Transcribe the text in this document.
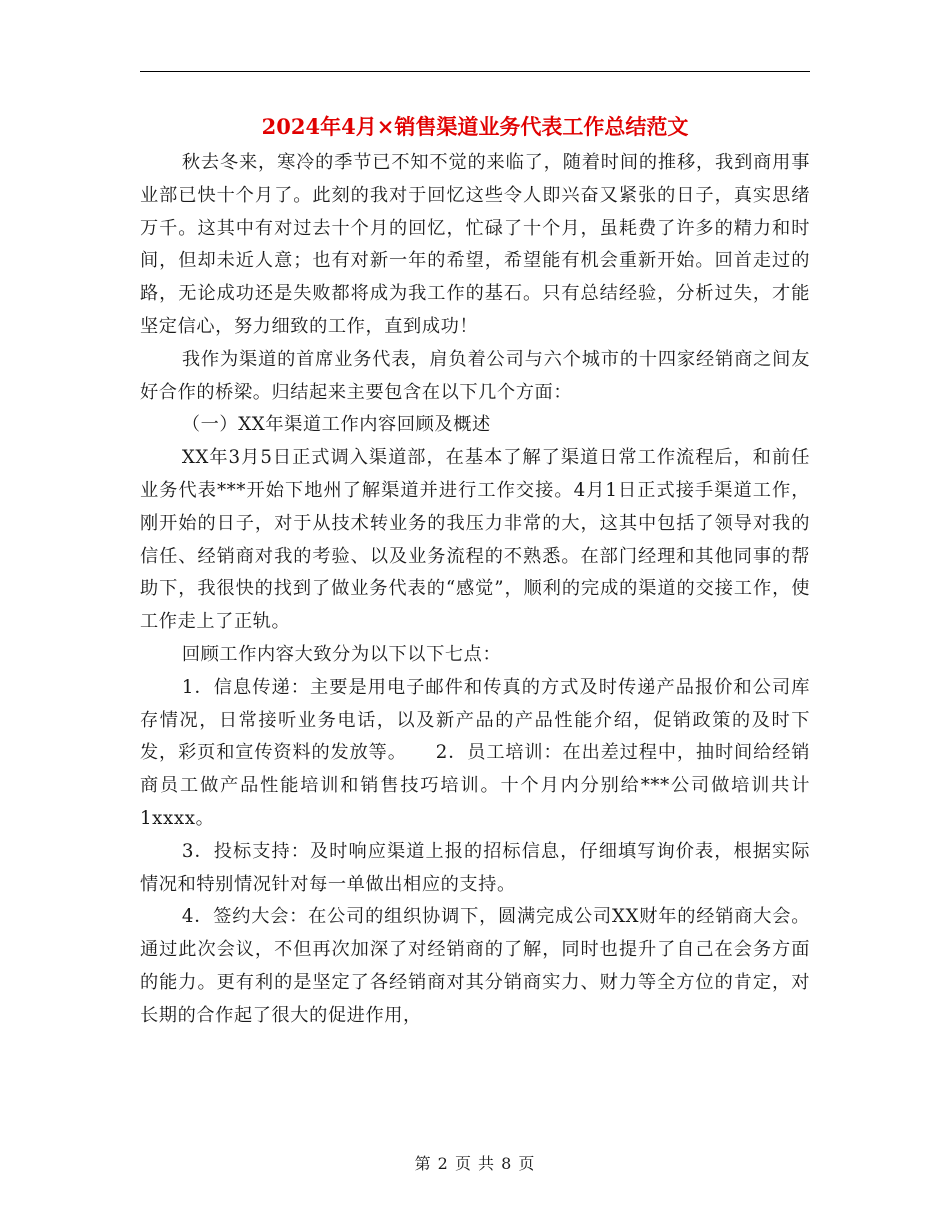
2024年4月×销售渠道业务代表工作总结范文

秋去冬来，寒冷的季节已不知不觉的来临了，随着时间的推移，我到商用事业部已快十个月了。此刻的我对于回忆这些令人即兴奋又紧张的日子，真实思绪万千。这其中有对过去十个月的回忆，忙碌了十个月，虽耗费了许多的精力和时间，但却未近人意；也有对新一年的希望，希望能有机会重新开始。回首走过的路，无论成功还是失败都将成为我工作的基石。只有总结经验，分析过失，才能坚定信心，努力细致的工作，直到成功！

我作为渠道的首席业务代表，肩负着公司与六个城市的十四家经销商之间友好合作的桥梁。归结起来主要包含在以下几个方面：

（一）XX年渠道工作内容回顾及概述

XX年3月5日正式调入渠道部，在基本了解了渠道日常工作流程后，和前任业务代表***开始下地州了解渠道并进行工作交接。4月1日正式接手渠道工作，刚开始的日子，对于从技术转业务的我压力非常的大，这其中包括了领导对我的信任、经销商对我的考验、以及业务流程的不熟悉。在部门经理和其他同事的帮助下，我很快的找到了做业务代表的“感觉”，顺利的完成的渠道的交接工作，使工作走上了正轨。

回顾工作内容大致分为以下以下七点：

1．信息传递：主要是用电子邮件和传真的方式及时传递产品报价和公司库存情况，日常接听业务电话，以及新产品的产品性能介绍，促销政策的及时下发，彩页和宣传资料的发放等。　　2．员工培训：在出差过程中，抽时间给经销商员工做产品性能培训和销售技巧培训。十个月内分别给***公司做培训共计1xxxx。

3．投标支持：及时响应渠道上报的招标信息，仔细填写询价表，根据实际情况和特别情况针对每一单做出相应的支持。

4．签约大会：在公司的组织协调下，圆满完成公司XX财年的经销商大会。通过此次会议，不但再次加深了对经销商的了解，同时也提升了自己在会务方面的能力。更有利的是坚定了各经销商对其分销商实力、财力等全方位的肯定，对长期的合作起了很大的促进作用，

第 2 页 共 8 页
